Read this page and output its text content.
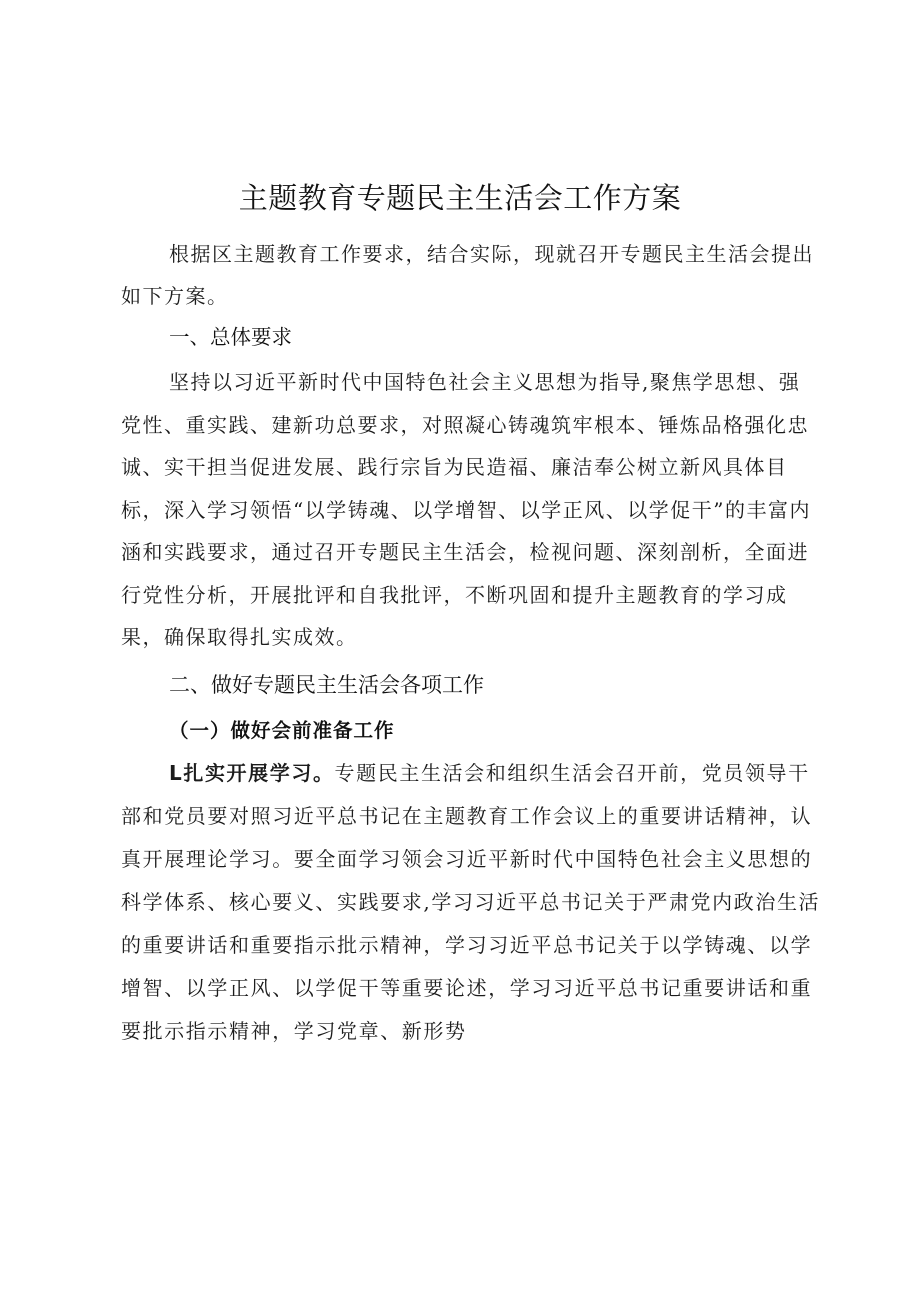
主题教育专题民主生活会工作方案
根据区主题教育工作要求，结合实际，现就召开专题民主生活会提出如下方案。
一、总体要求
坚持以习近平新时代中国特色社会主义思想为指导,聚焦学思想、强党性、重实践、建新功总要求，对照凝心铸魂筑牢根本、锤炼品格强化忠诚、实干担当促进发展、践行宗旨为民造福、廉洁奉公树立新风具体目标，深入学习领悟“以学铸魂、以学增智、以学正风、以学促干”的丰富内涵和实践要求，通过召开专题民主生活会，检视问题、深刻剖析，全面进行党性分析，开展批评和自我批评，不断巩固和提升主题教育的学习成果，确保取得扎实成效。
二、做好专题民主生活会各项工作
（一）做好会前准备工作
L扎实开展学习。专题民主生活会和组织生活会召开前，党员领导干部和党员要对照习近平总书记在主题教育工作会议上的重要讲话精神，认真开展理论学习。要全面学习领会习近平新时代中国特色社会主义思想的科学体系、核心要义、实践要求,学习习近平总书记关于严肃党内政治生活的重要讲话和重要指示批示精神，学习习近平总书记关于以学铸魂、以学增智、以学正风、以学促干等重要论述，学习习近平总书记重要讲话和重要批示指示精神，学习党章、新形势
